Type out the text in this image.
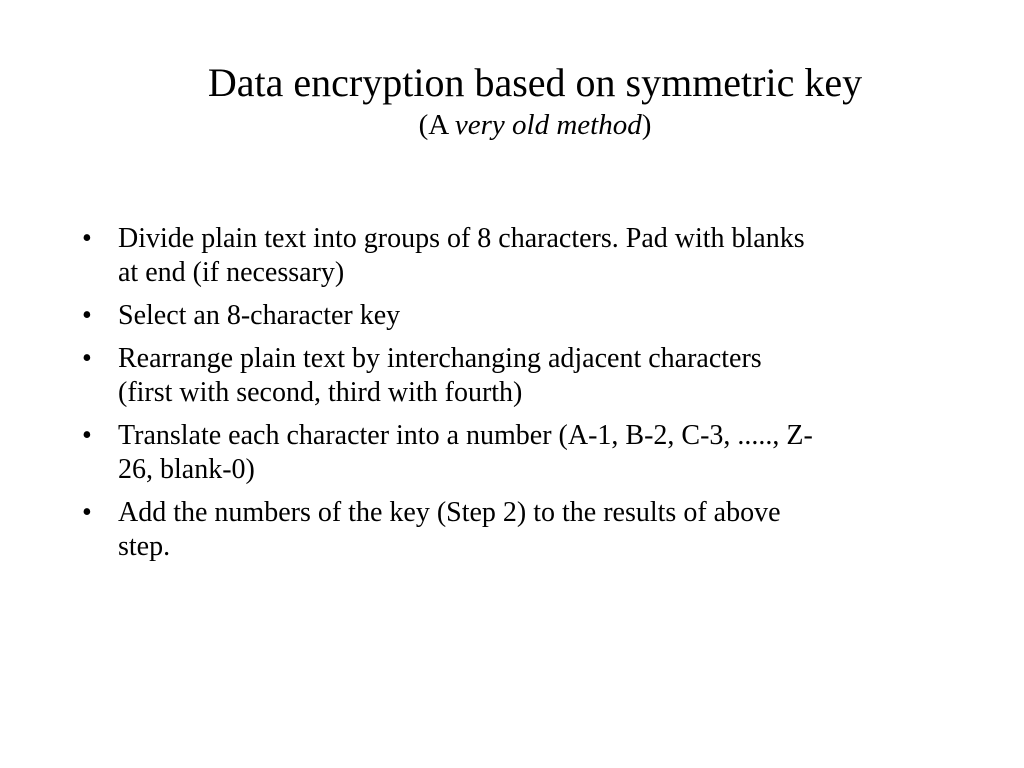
Data encryption based on symmetric key
(A very old method)
• Divide plain text into groups of 8 characters. Pad with blanks
at end (if necessary)
• Select an 8-character key
• Rearrange plain text by interchanging adjacent characters
(first with second, third with fourth)
• Translate each character into a number (A-1, B-2, C-3, ....., Z-
26, blank-0)
• Add the numbers of the key (Step 2) to the results of above
step.
